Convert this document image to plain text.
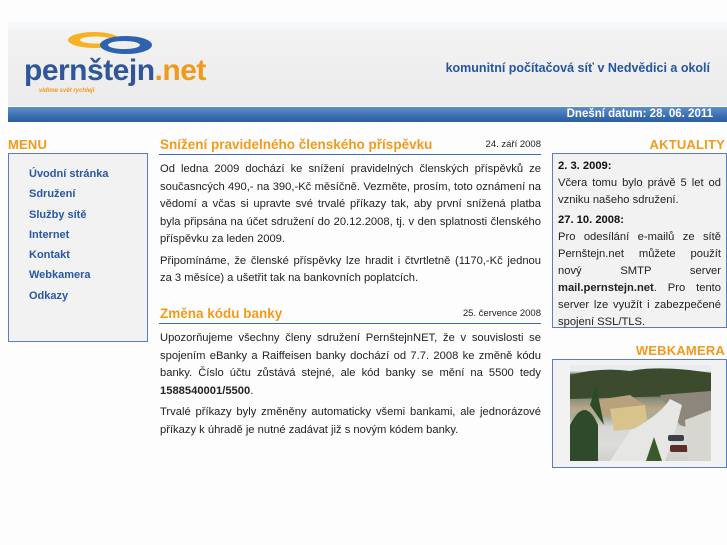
pernštejn.net
vidíme svět rychleji
komunitní počítačová síť v Nedvědici a okolí
Dnešní datum: 28. 06. 2011
MENU
Úvodní stránka
Sdružení
Služby sítě
Internet
Kontakt
Webkamera
Odkazy
Snížení pravidelného členského příspěvku	24. září 2008

Od ledna 2009 dochází ke snížení pravidelných členských příspěvků ze současncých 490,- na 390,-Kč měsíčně. Vezměte, prosím, toto oznámení na vědomí a včas si upravte své trvalé příkazy tak, aby první snížená platba byla připsána na účet sdružení do 20.12.2008, tj. v den splatnosti členského příspěvku za leden 2009.

Připomínáme, že členské příspěvky lze hradit i čtvrtletně (1170,-Kč jednou za 3 měsíce) a ušetřit tak na bankovních poplatcích.

Změna kódu banky	25. července 2008

Upozorňujeme všechny členy sdružení PernštejnNET, že v souvislosti se spojením eBanky a Raiffeisen banky dochází od 7.7. 2008 ke změně kódu banky. Číslo účtu zůstává stejné, ale kód banky se mění na 5500 tedy 1588540001/5500.

Trvalé příkazy byly změněny automaticky všemi bankami, ale jednorázové příkazy k úhradě je nutné zadávat již s novým kódem banky.

AKTUALITY
2. 3. 2009:
Včera tomu bylo právě 5 let od vzniku našeho sdružení.
27. 10. 2008:
Pro odesílání e-mailů ze sítě Pernštejn.net můžete použít nový SMTP server mail.pernstejn.net. Pro tento server lze využít i zabezpečené spojení SSL/TLS.
WEBKAMERA
